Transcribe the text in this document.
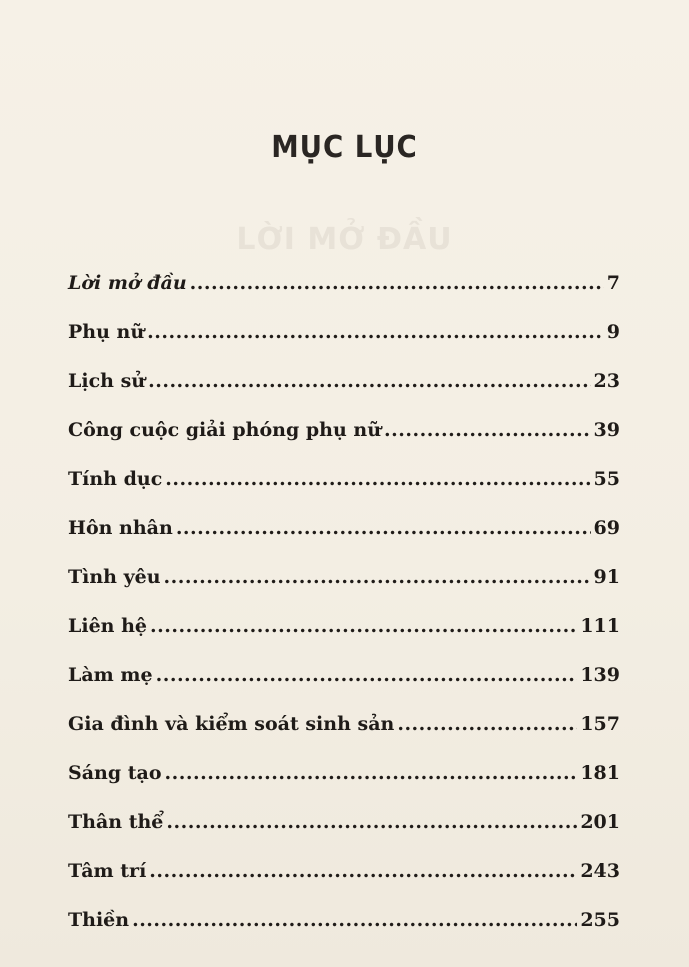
LỜI MỞ ĐẦU
MỤC LỤC
Lời mở đầu .....	7
Phụ nữ .....	9
Lịch sử .....	23
Công cuộc giải phóng phụ nữ .....	39
Tính dục .....	55
Hôn nhân .....	69
Tình yêu .....	91
Liên hệ .....	111
Làm mẹ .....	139
Gia đình và kiểm soát sinh sản .....	157
Sáng tạo .....	181
Thân thể .....	201
Tâm trí .....	243
Thiền .....	255
